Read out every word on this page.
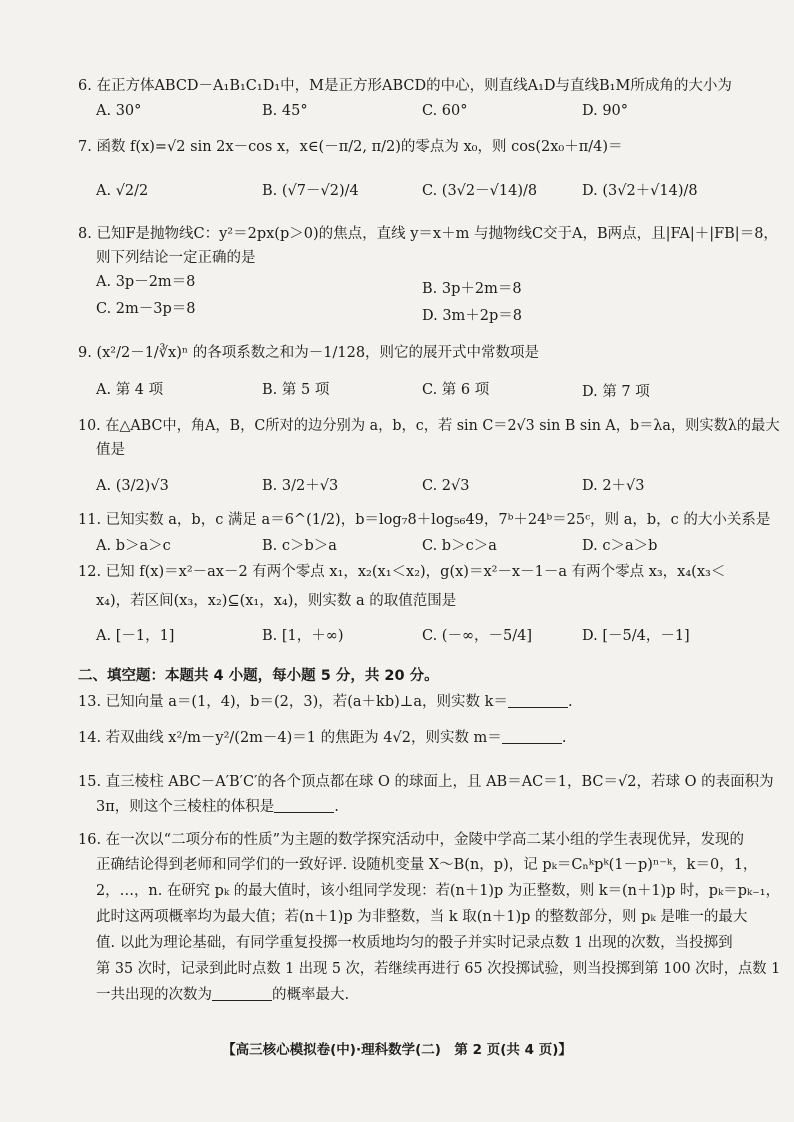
6. 在正方体ABCD－A₁B₁C₁D₁中，M是正方形ABCD的中心，则直线A₁D与直线B₁M所成角的大小为
A. 30°	B. 45°	C. 60°	D. 90°
7. 函数 f(x)=√2 sin 2x－cos x，x∈(－π/2, π/2)的零点为 x₀，则 cos(2x₀＋π/4)＝
A. √2/2	B. (√7－√2)/4	C. (3√2－√14)/8	D. (3√2＋√14)/8
8. 已知F是抛物线C：y²＝2px(p＞0)的焦点，直线 y＝x＋m 与抛物线C交于A，B两点，且|FA|＋|FB|＝8，
则下列结论一定正确的是
A. 3p－2m＝8	B. 3p＋2m＝8
C. 2m－3p＝8	D. 3m＋2p＝8
9. (x²/2－1/∛x)ⁿ 的各项系数之和为－1/128，则它的展开式中常数项是
A. 第 4 项	B. 第 5 项	C. 第 6 项	D. 第 7 项
10. 在△ABC中，角A，B，C所对的边分别为 a，b，c，若 sin C＝2√3 sin B sin A，b＝λa，则实数λ的最大
值是
A. (3/2)√3	B. 3/2＋√3	C. 2√3	D. 2＋√3
11. 已知实数 a，b，c 满足 a＝6^(1/2)，b＝log₇8＋log₅₆49，7ᵇ＋24ᵇ＝25ᶜ，则 a，b，c 的大小关系是
A. b＞a＞c	B. c＞b＞a	C. b＞c＞a	D. c＞a＞b
12. 已知 f(x)＝x²－ax－2 有两个零点 x₁，x₂(x₁＜x₂)，g(x)＝x²－x－1－a 有两个零点 x₃，x₄(x₃＜
x₄)，若区间(x₃，x₂)⊆(x₁，x₄)，则实数 a 的取值范围是
A. [－1，1]	B. [1，＋∞)	C. (－∞，－5/4]	D. [－5/4，－1]
二、填空题：本题共 4 小题，每小题 5 分，共 20 分。
13. 已知向量 a＝(1，4)，b＝(2，3)，若(a＋kb)⊥a，则实数 k＝	.
14. 若双曲线 x²/m－y²/(2m－4)＝1 的焦距为 4√2，则实数 m＝	.
15. 直三棱柱 ABC－A′B′C′的各个顶点都在球 O 的球面上，且 AB＝AC＝1，BC＝√2，若球 O 的表面积为
3π，则这个三棱柱的体积是	.
16. 在一次以“二项分布的性质”为主题的数学探究活动中，金陵中学高二某小组的学生表现优异，发现的
正确结论得到老师和同学们的一致好评. 设随机变量 X～B(n，p)，记 pₖ＝Cₙᵏpᵏ(1－p)ⁿ⁻ᵏ，k＝0，1，
2，…，n. 在研究 pₖ 的最大值时，该小组同学发现：若(n＋1)p 为正整数，则 k＝(n＋1)p 时，pₖ＝pₖ₋₁，
此时这两项概率均为最大值；若(n＋1)p 为非整数，当 k 取(n＋1)p 的整数部分，则 pₖ 是唯一的最大
值. 以此为理论基础，有同学重复投掷一枚质地均匀的骰子并实时记录点数 1 出现的次数，当投掷到
第 35 次时，记录到此时点数 1 出现 5 次，若继续再进行 65 次投掷试验，则当投掷到第 100 次时，点数 1
一共出现的次数为	的概率最大.
【高三核心模拟卷(中)·理科数学(二)　第 2 页(共 4 页)】
